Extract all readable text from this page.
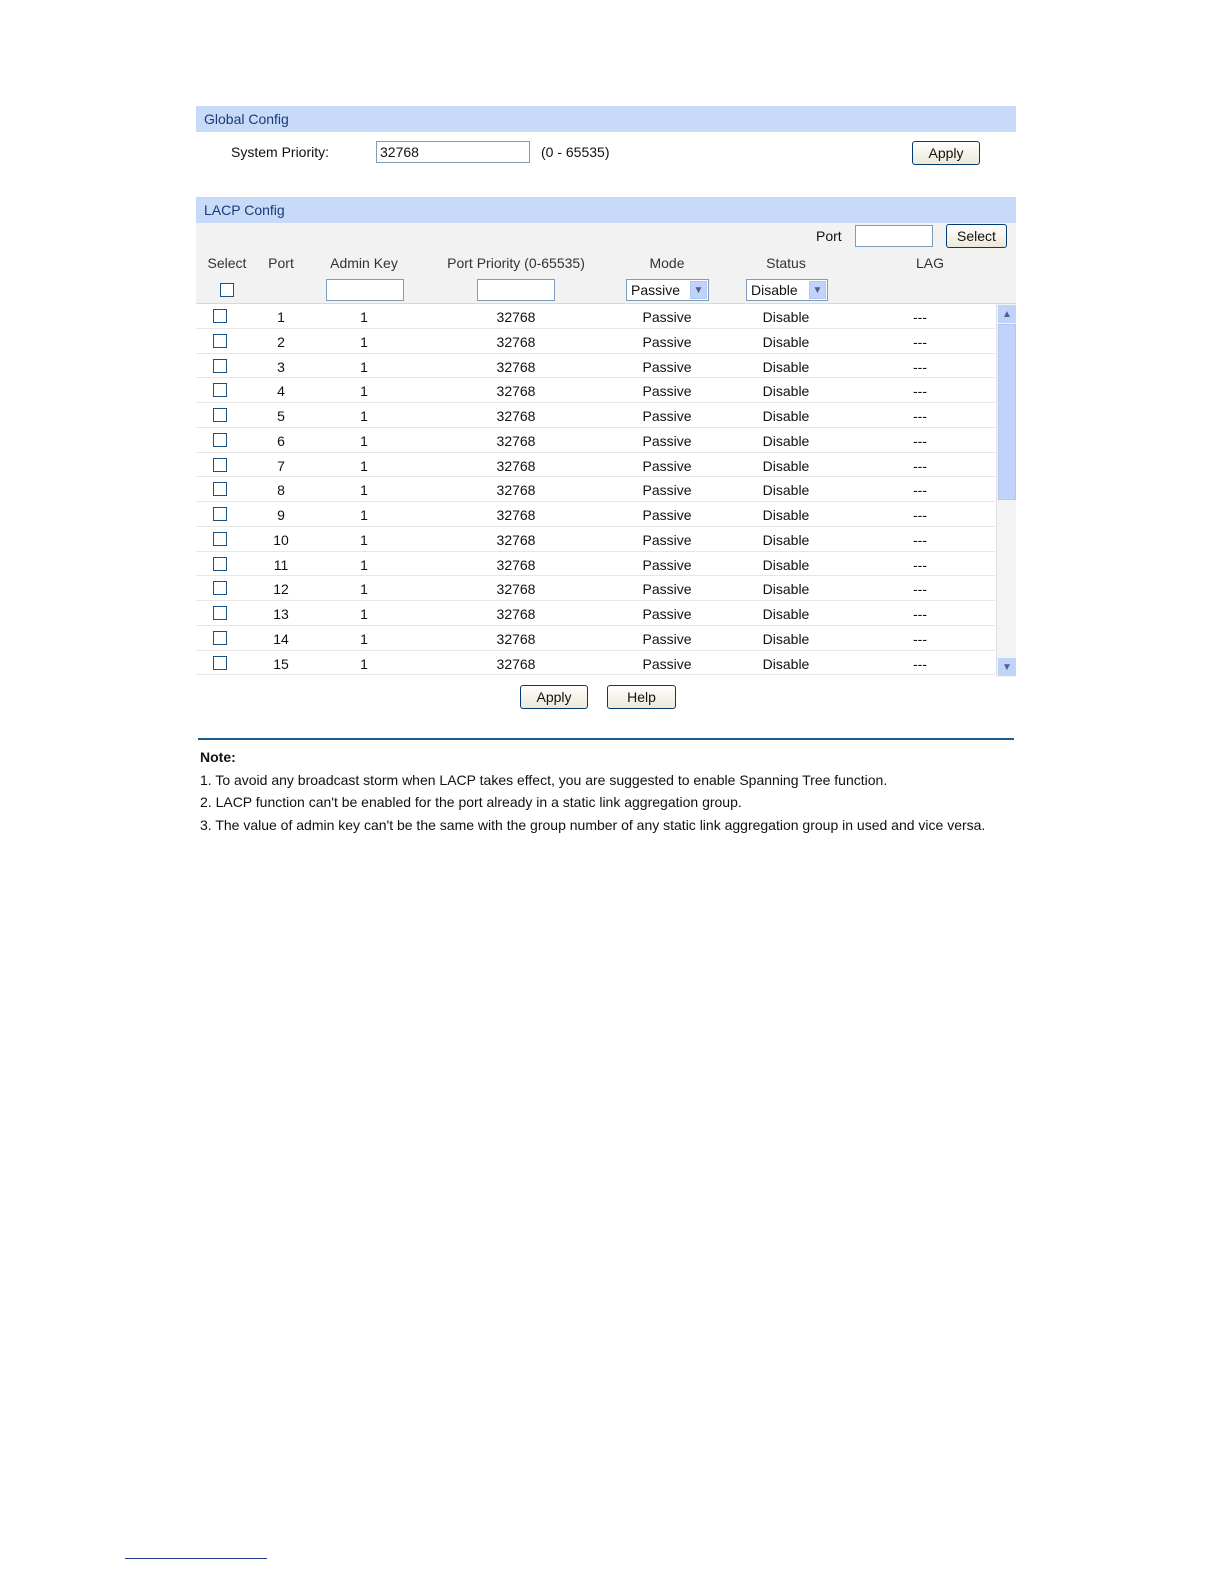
Global Config
System Priority:
32768	(0 - 65535)	Apply
LACP Config
Port	Select
Select Port	Admin Key	Port Priority (0-65535)	Mode	Status	LAG
Passive	▼	Disable	▼
1	1	32768	Passive	Disable	---
2	1	32768	Passive	Disable	---
3	1	32768	Passive	Disable	---
4	1	32768	Passive	Disable	---
5	1	32768	Passive	Disable	---
6	1	32768	Passive	Disable	---
7	1	32768	Passive	Disable	---
8	1	32768	Passive	Disable	---
9	1	32768	Passive	Disable	---
10	1	32768	Passive	Disable	---
11	1	32768	Passive	Disable	---
12	1	32768	Passive	Disable	---
13	1	32768	Passive	Disable	---
14	1	32768	Passive	Disable	---
15	1	32768	Passive	Disable	---
▲
▼
Apply	Help
Note:
1. To avoid any broadcast storm when LACP takes effect, you are suggested to enable Spanning Tree function.
2. LACP function can't be enabled for the port already in a static link aggregation group.
3. The value of admin key can't be the same with the group number of any static link aggregation group in used and vice versa.
